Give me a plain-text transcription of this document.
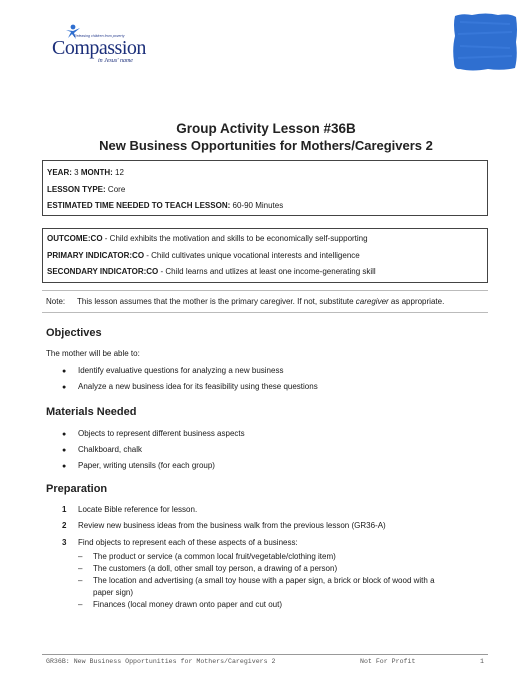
Releasing children from poverty
Compassion
in Jesus' name
Group Activity Lesson #36B
New Business Opportunities for Mothers/Caregivers 2
YEAR: 3 MONTH: 12
LESSON TYPE: Core
ESTIMATED TIME NEEDED TO TEACH LESSON: 60-90 Minutes
OUTCOME:CO - Child exhibits the motivation and skills to be economically self-supporting
PRIMARY INDICATOR:CO - Child cultivates unique vocational interests and intelligence
SECONDARY INDICATOR:CO - Child learns and utlizes at least one income-generating skill
Note: This lesson assumes that the mother is the primary caregiver. If not, substitute caregiver as appropriate.
Objectives
The mother will be able to:
● Identify evaluative questions for analyzing a new business
● Analyze a new business idea for its feasibility using these questions
Materials Needed
● Objects to represent different business aspects
● Chalkboard, chalk
● Paper, writing utensils (for each group)
Preparation
1 Locate Bible reference for lesson.
2 Review new business ideas from the business walk from the previous lesson (GR36-A)
3 Find objects to represent each of these aspects of a business:
– The product or service (a common local fruit/vegetable/clothing item)
– The customers (a doll, other small toy person, a drawing of a person)
– The location and advertising (a small toy house with a paper sign, a brick or block of wood with a
paper sign)
– Finances (local money drawn onto paper and cut out)
GR36B: New Business Opportunities for Mothers/Caregivers 2	Not For Profit	1
